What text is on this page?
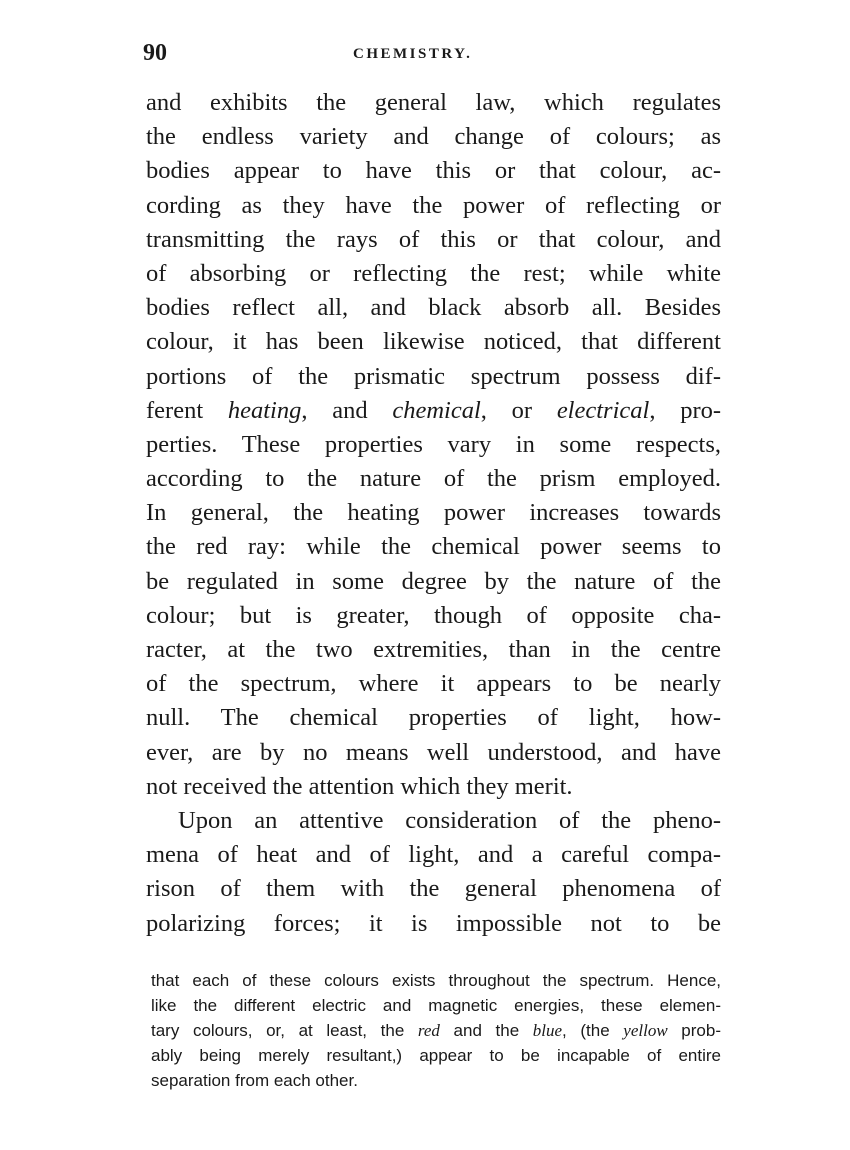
90	CHEMISTRY.
and exhibits the general law, which regulates
the endless variety and change of colours; as
bodies appear to have this or that colour, ac-
cording as they have the power of reflecting or
transmitting the rays of this or that colour, and
of absorbing or reflecting the rest; while white
bodies reflect all, and black absorb all. Besides
colour, it has been likewise noticed, that different
portions of the prismatic spectrum possess dif-
ferent heating, and chemical, or electrical, pro-
perties. These properties vary in some respects,
according to the nature of the prism employed.
In general, the heating power increases towards
the red ray: while the chemical power seems to
be regulated in some degree by the nature of the
colour; but is greater, though of opposite cha-
racter, at the two extremities, than in the centre
of the spectrum, where it appears to be nearly
null. The chemical properties of light, how-
ever, are by no means well understood, and have
not received the attention which they merit.
Upon an attentive consideration of the pheno-
mena of heat and of light, and a careful compa-
rison of them with the general phenomena of
polarizing forces; it is impossible not to be
that each of these colours exists throughout the spectrum. Hence,
like the different electric and magnetic energies, these elemen-
tary colours, or, at least, the red and the blue, (the yellow prob-
ably being merely resultant,) appear to be incapable of entire
separation from each other.
